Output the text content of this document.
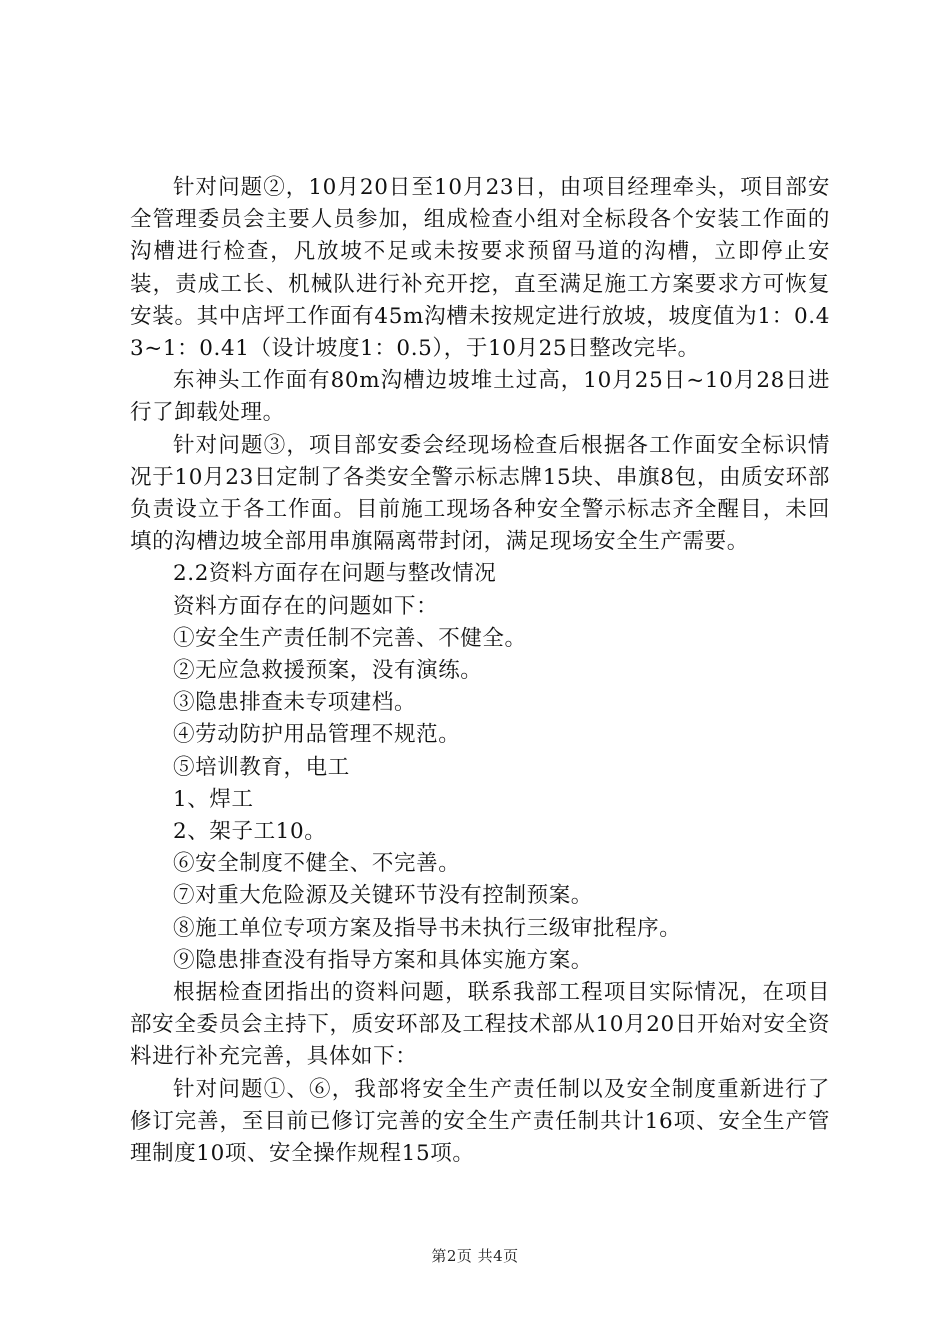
针对问题②，10月20日至10月23日，由项目经理牵头，项目部安全管理委员会主要人员参加，组成检查小组对全标段各个安装工作面的沟槽进行检查，凡放坡不足或未按要求预留马道的沟槽，立即停止安装，责成工长、机械队进行补充开挖，直至满足施工方案要求方可恢复安装。其中店坪工作面有45m沟槽未按规定进行放坡，坡度值为1：0.43~1：0.41（设计坡度1：0.5），于10月25日整改完毕。

东神头工作面有80m沟槽边坡堆土过高，10月25日~10月28日进行了卸载处理。

针对问题③，项目部安委会经现场检查后根据各工作面安全标识情况于10月23日定制了各类安全警示标志牌15块、串旗8包，由质安环部负责设立于各工作面。目前施工现场各种安全警示标志齐全醒目，未回填的沟槽边坡全部用串旗隔离带封闭，满足现场安全生产需要。

2.2资料方面存在问题与整改情况

资料方面存在的问题如下：

①安全生产责任制不完善、不健全。

②无应急救援预案，没有演练。

③隐患排查未专项建档。

④劳动防护用品管理不规范。

⑤培训教育，电工

1、焊工

2、架子工10。

⑥安全制度不健全、不完善。

⑦对重大危险源及关键环节没有控制预案。

⑧施工单位专项方案及指导书未执行三级审批程序。

⑨隐患排查没有指导方案和具体实施方案。

根据检查团指出的资料问题，联系我部工程项目实际情况，在项目部安全委员会主持下，质安环部及工程技术部从10月20日开始对安全资料进行补充完善，具体如下：

针对问题①、⑥，我部将安全生产责任制以及安全制度重新进行了修订完善，至目前已修订完善的安全生产责任制共计16项、安全生产管理制度10项、安全操作规程15项。

第2页 共4页
